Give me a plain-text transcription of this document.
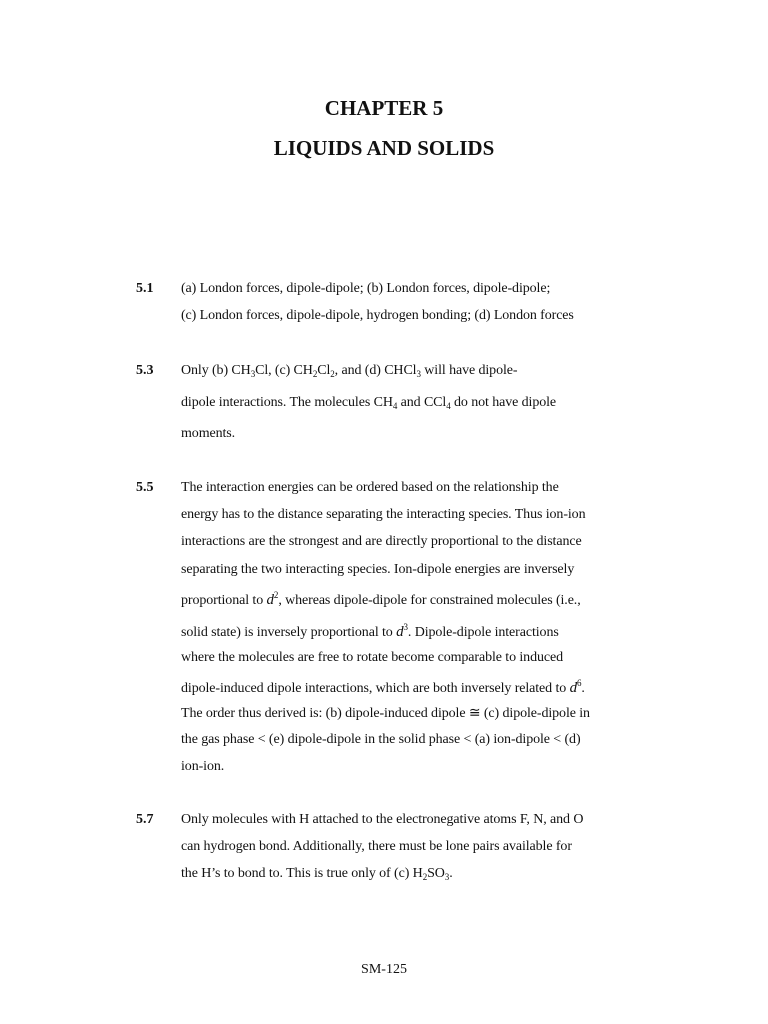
CHAPTER 5
LIQUIDS AND SOLIDS
5.1 (a) London forces, dipole-dipole; (b) London forces, dipole-dipole;
(c) London forces, dipole-dipole, hydrogen bonding; (d) London forces
5.3 Only (b) $CH_3Cl$, (c) $CH_2Cl_2$, and (d) CHCl$_3$ will have dipole-
dipole interactions. The molecules $CH_4$ and CCl$_4$ do not have dipole
moments.
5.5 The interaction energies can be ordered based on the relationship the
energy has to the distance separating the interacting species. Thus ion-ion
interactions are the strongest and are directly proportional to the distance
separating the two interacting species. Ion-dipole energies are inversely
proportional to $d^2$, whereas dipole-dipole for constrained molecules (i.e.,
solid state) is inversely proportional to $d^3$. Dipole-dipole interactions
where the molecules are free to rotate become comparable to induced
dipole-induced dipole interactions, which are both inversely related to $d^6$.
The order thus derived is: (b) dipole-induced dipole ≅ (c) dipole-dipole in
the gas phase < (e) dipole-dipole in the solid phase < (a) ion-dipole < (d)
ion-ion.
5.7 Only molecules with H attached to the electronegative atoms F, N, and O
can hydrogen bond. Additionally, there must be lone pairs available for
the H’s to bond to. This is true only of (c) $H_2SO_3$.
SM-125
